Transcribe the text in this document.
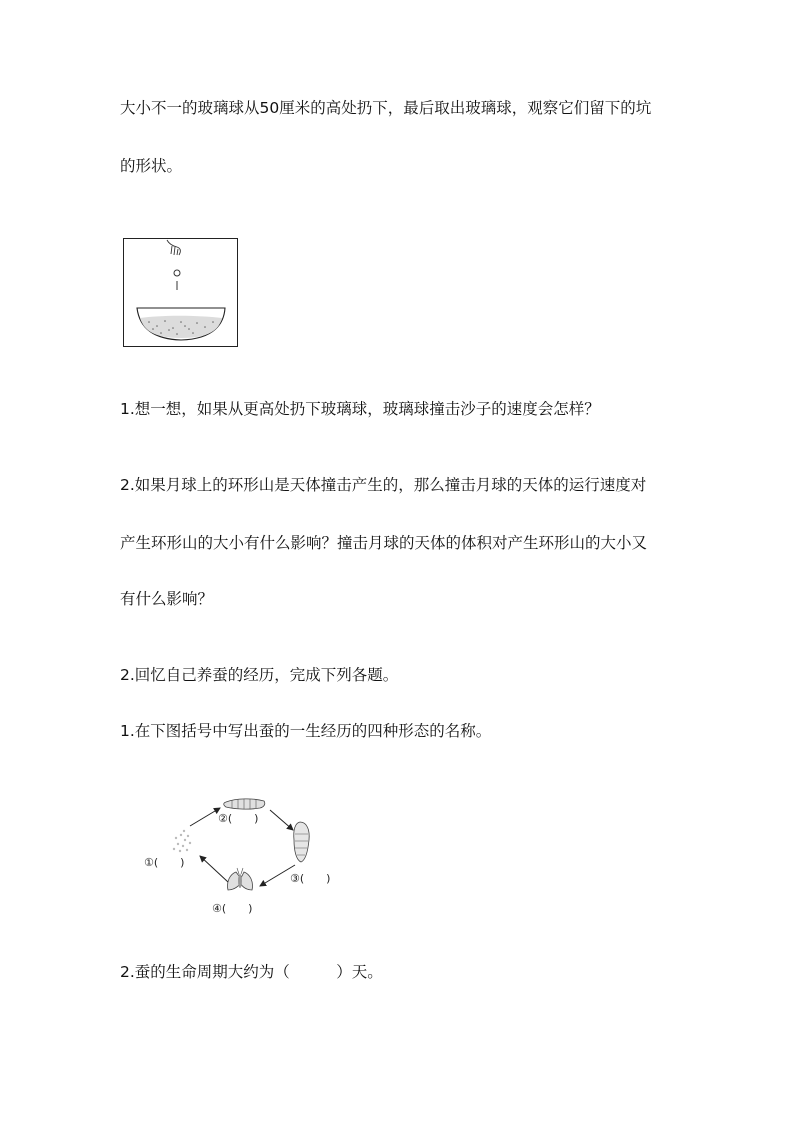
大小不一的玻璃球从50厘米的高处扔下，最后取出玻璃球，观察它们留下的坑
的形状。
1.想一想，如果从更高处扔下玻璃球，玻璃球撞击沙子的速度会怎样？
2.如果月球上的环形山是天体撞击产生的，那么撞击月球的天体的运行速度对
产生环形山的大小有什么影响？撞击月球的天体的体积对产生环形山的大小又
有什么影响？
2.回忆自己养蚕的经历，完成下列各题。
1.在下图括号中写出蚕的一生经历的四种形态的名称。
①(　　)
②(　　)
③(　　)
④(　　)
2.蚕的生命周期大约为（　　　）天。
